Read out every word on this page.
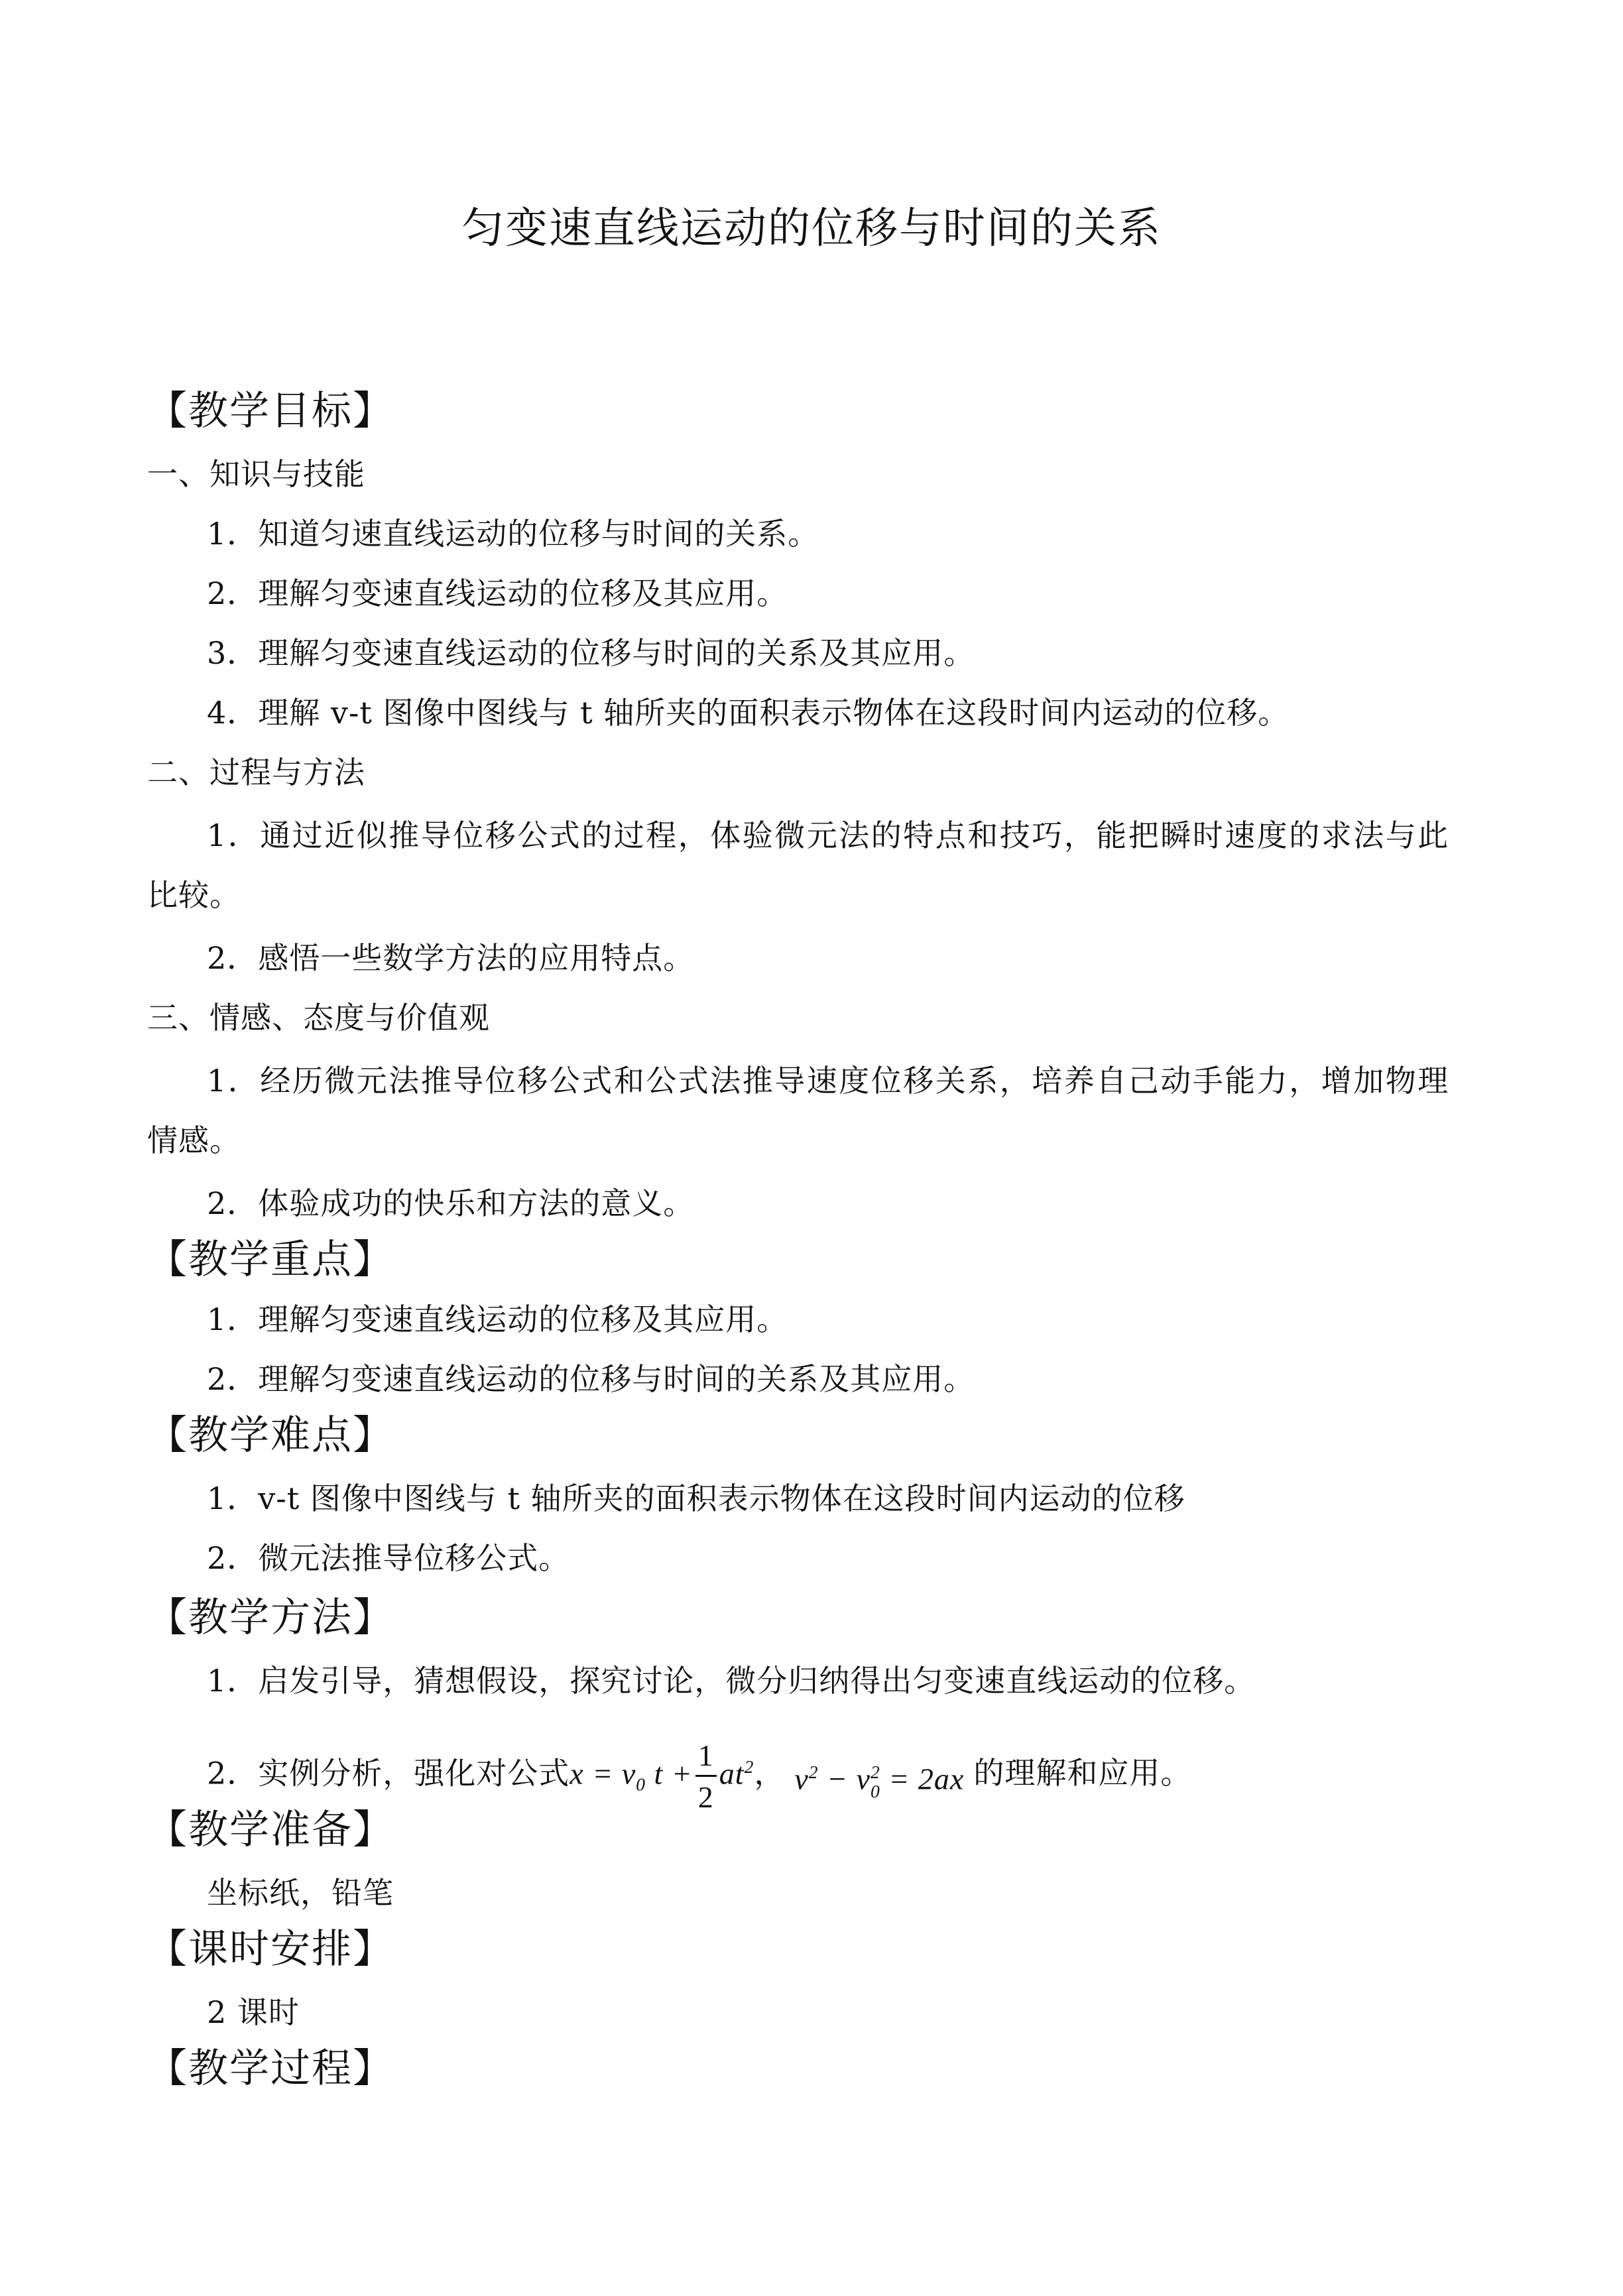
匀变速直线运动的位移与时间的关系
【教学目标】
一、知识与技能
1．知道匀速直线运动的位移与时间的关系。
2．理解匀变速直线运动的位移及其应用。
3．理解匀变速直线运动的位移与时间的关系及其应用。
4．理解 v-t 图像中图线与 t 轴所夹的面积表示物体在这段时间内运动的位移。
二、过程与方法
1．通过近似推导位移公式的过程，体验微元法的特点和技巧，能把瞬时速度的求法与此
比较。
2．感悟一些数学方法的应用特点。
三、情感、态度与价值观
1．经历微元法推导位移公式和公式法推导速度位移关系，培养自己动手能力，增加物理
情感。
2．体验成功的快乐和方法的意义。
【教学重点】
1．理解匀变速直线运动的位移及其应用。
2．理解匀变速直线运动的位移与时间的关系及其应用。
【教学难点】
1．v-t 图像中图线与 t 轴所夹的面积表示物体在这段时间内运动的位移
2．微元法推导位移公式。
【教学方法】
1．启发引导，猜想假设，探究讨论，微分归纳得出匀变速直线运动的位移。
2．实例分析，强化对公式$x = v_0$ $t + \frac{1}{2} at^2$， $v^2 - v$ 2
0 = 2ax 的理解和应用。
【教学准备】
坐标纸，铅笔
【课时安排】
2 课时
【教学过程】
